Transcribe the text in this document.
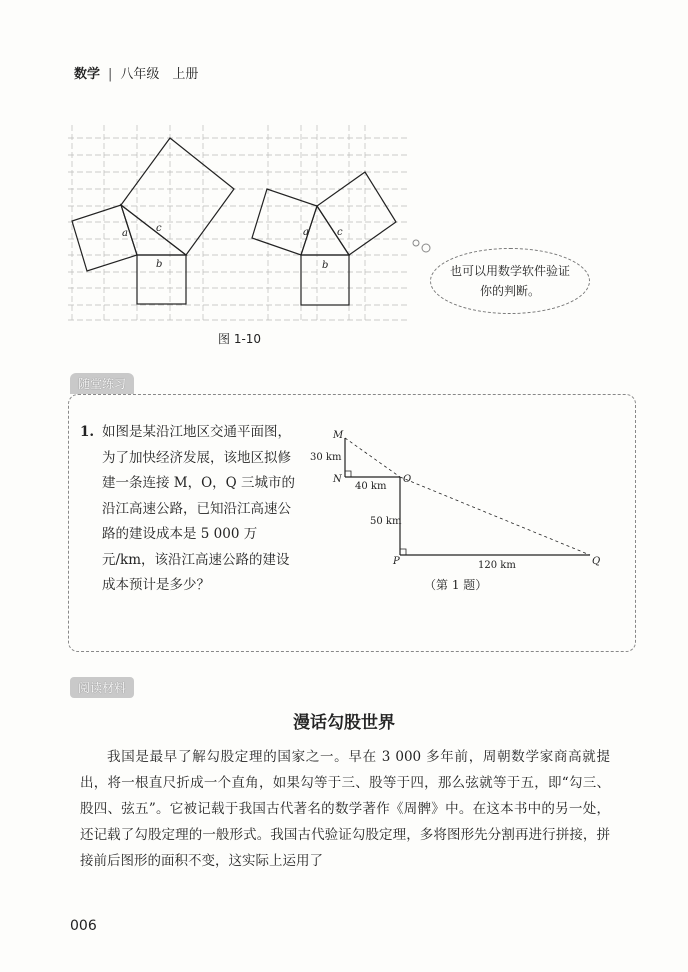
数学 | 八年级　上册
a	c
b
a	c
b
图 1-10
也可以用数学软件验证你的判断。
随堂练习
1. 如图是某沿江地区交通平面图，为了加快经济发展，该地区拟修建一条连接 M，O，Q 三城市的沿江高速公路，已知沿江高速公路的建设成本是 5 000 万元/km，该沿江高速公路的建设成本预计是多少？
M
N	O
P	Q
30 km
40 km
50 km
120 km
（第 1 题）
阅读材料
漫话勾股世界
我国是最早了解勾股定理的国家之一。早在 3 000 多年前，周朝数学家商高就提出，将一根直尺折成一个直角，如果勾等于三、股等于四，那么弦就等于五，即“勾三、股四、弦五”。它被记载于我国古代著名的数学著作《周髀》中。在这本书中的另一处，还记载了勾股定理的一般形式。我国古代验证勾股定理，多将图形先分割再进行拼接，拼接前后图形的面积不变，这实际上运用了
006
